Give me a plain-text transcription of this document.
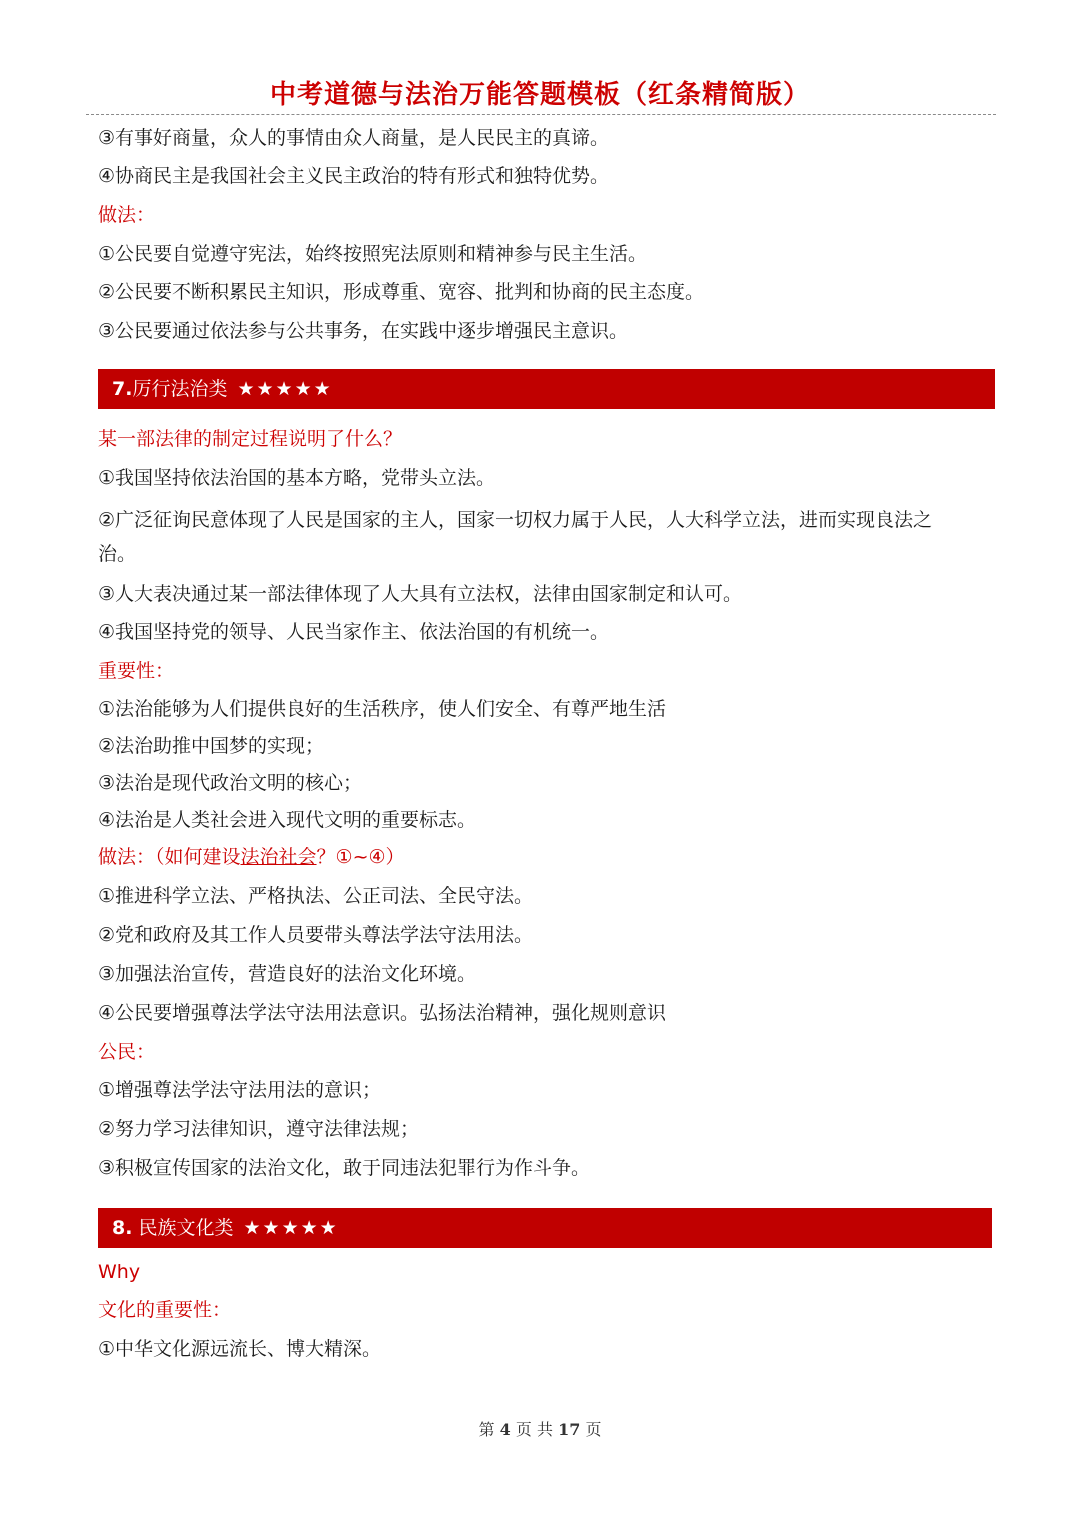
中考道德与法治万能答题模板（红条精简版）
③有事好商量，众人的事情由众人商量，是人民民主的真谛。
④协商民主是我国社会主义民主政治的特有形式和独特优势。
做法：
①公民要自觉遵守宪法，始终按照宪法原则和精神参与民主生活。
②公民要不断积累民主知识，形成尊重、宽容、批判和协商的民主态度。
③公民要通过依法参与公共事务，在实践中逐步增强民主意识。
7.厉行法治类 ★★★★★
某一部法律的制定过程说明了什么？
①我国坚持依法治国的基本方略，党带头立法。
②广泛征询民意体现了人民是国家的主人，国家一切权力属于人民，人大科学立法，进而实现良法之 治。
③人大表决通过某一部法律体现了人大具有立法权，法律由国家制定和认可。
④我国坚持党的领导、人民当家作主、依法治国的有机统一。
重要性：
①法治能够为人们提供良好的生活秩序，使人们安全、有尊严地生活
②法治助推中国梦的实现；
③法治是现代政治文明的核心；
④法治是人类社会进入现代文明的重要标志。
做法：（如何建设法治社会？①~④）
①推进科学立法、严格执法、公正司法、全民守法。
②党和政府及其工作人员要带头尊法学法守法用法。
③加强法治宣传，营造良好的法治文化环境。
④公民要增强尊法学法守法用法意识。弘扬法治精神，强化规则意识
公民：
①增强尊法学法守法用法的意识；
②努力学习法律知识，遵守法律法规；
③积极宣传国家的法治文化，敢于同违法犯罪行为作斗争。
8. 民族文化类 ★★★★★
Why
文化的重要性：
①中华文化源远流长、博大精深。
第 4 页 共 17 页
